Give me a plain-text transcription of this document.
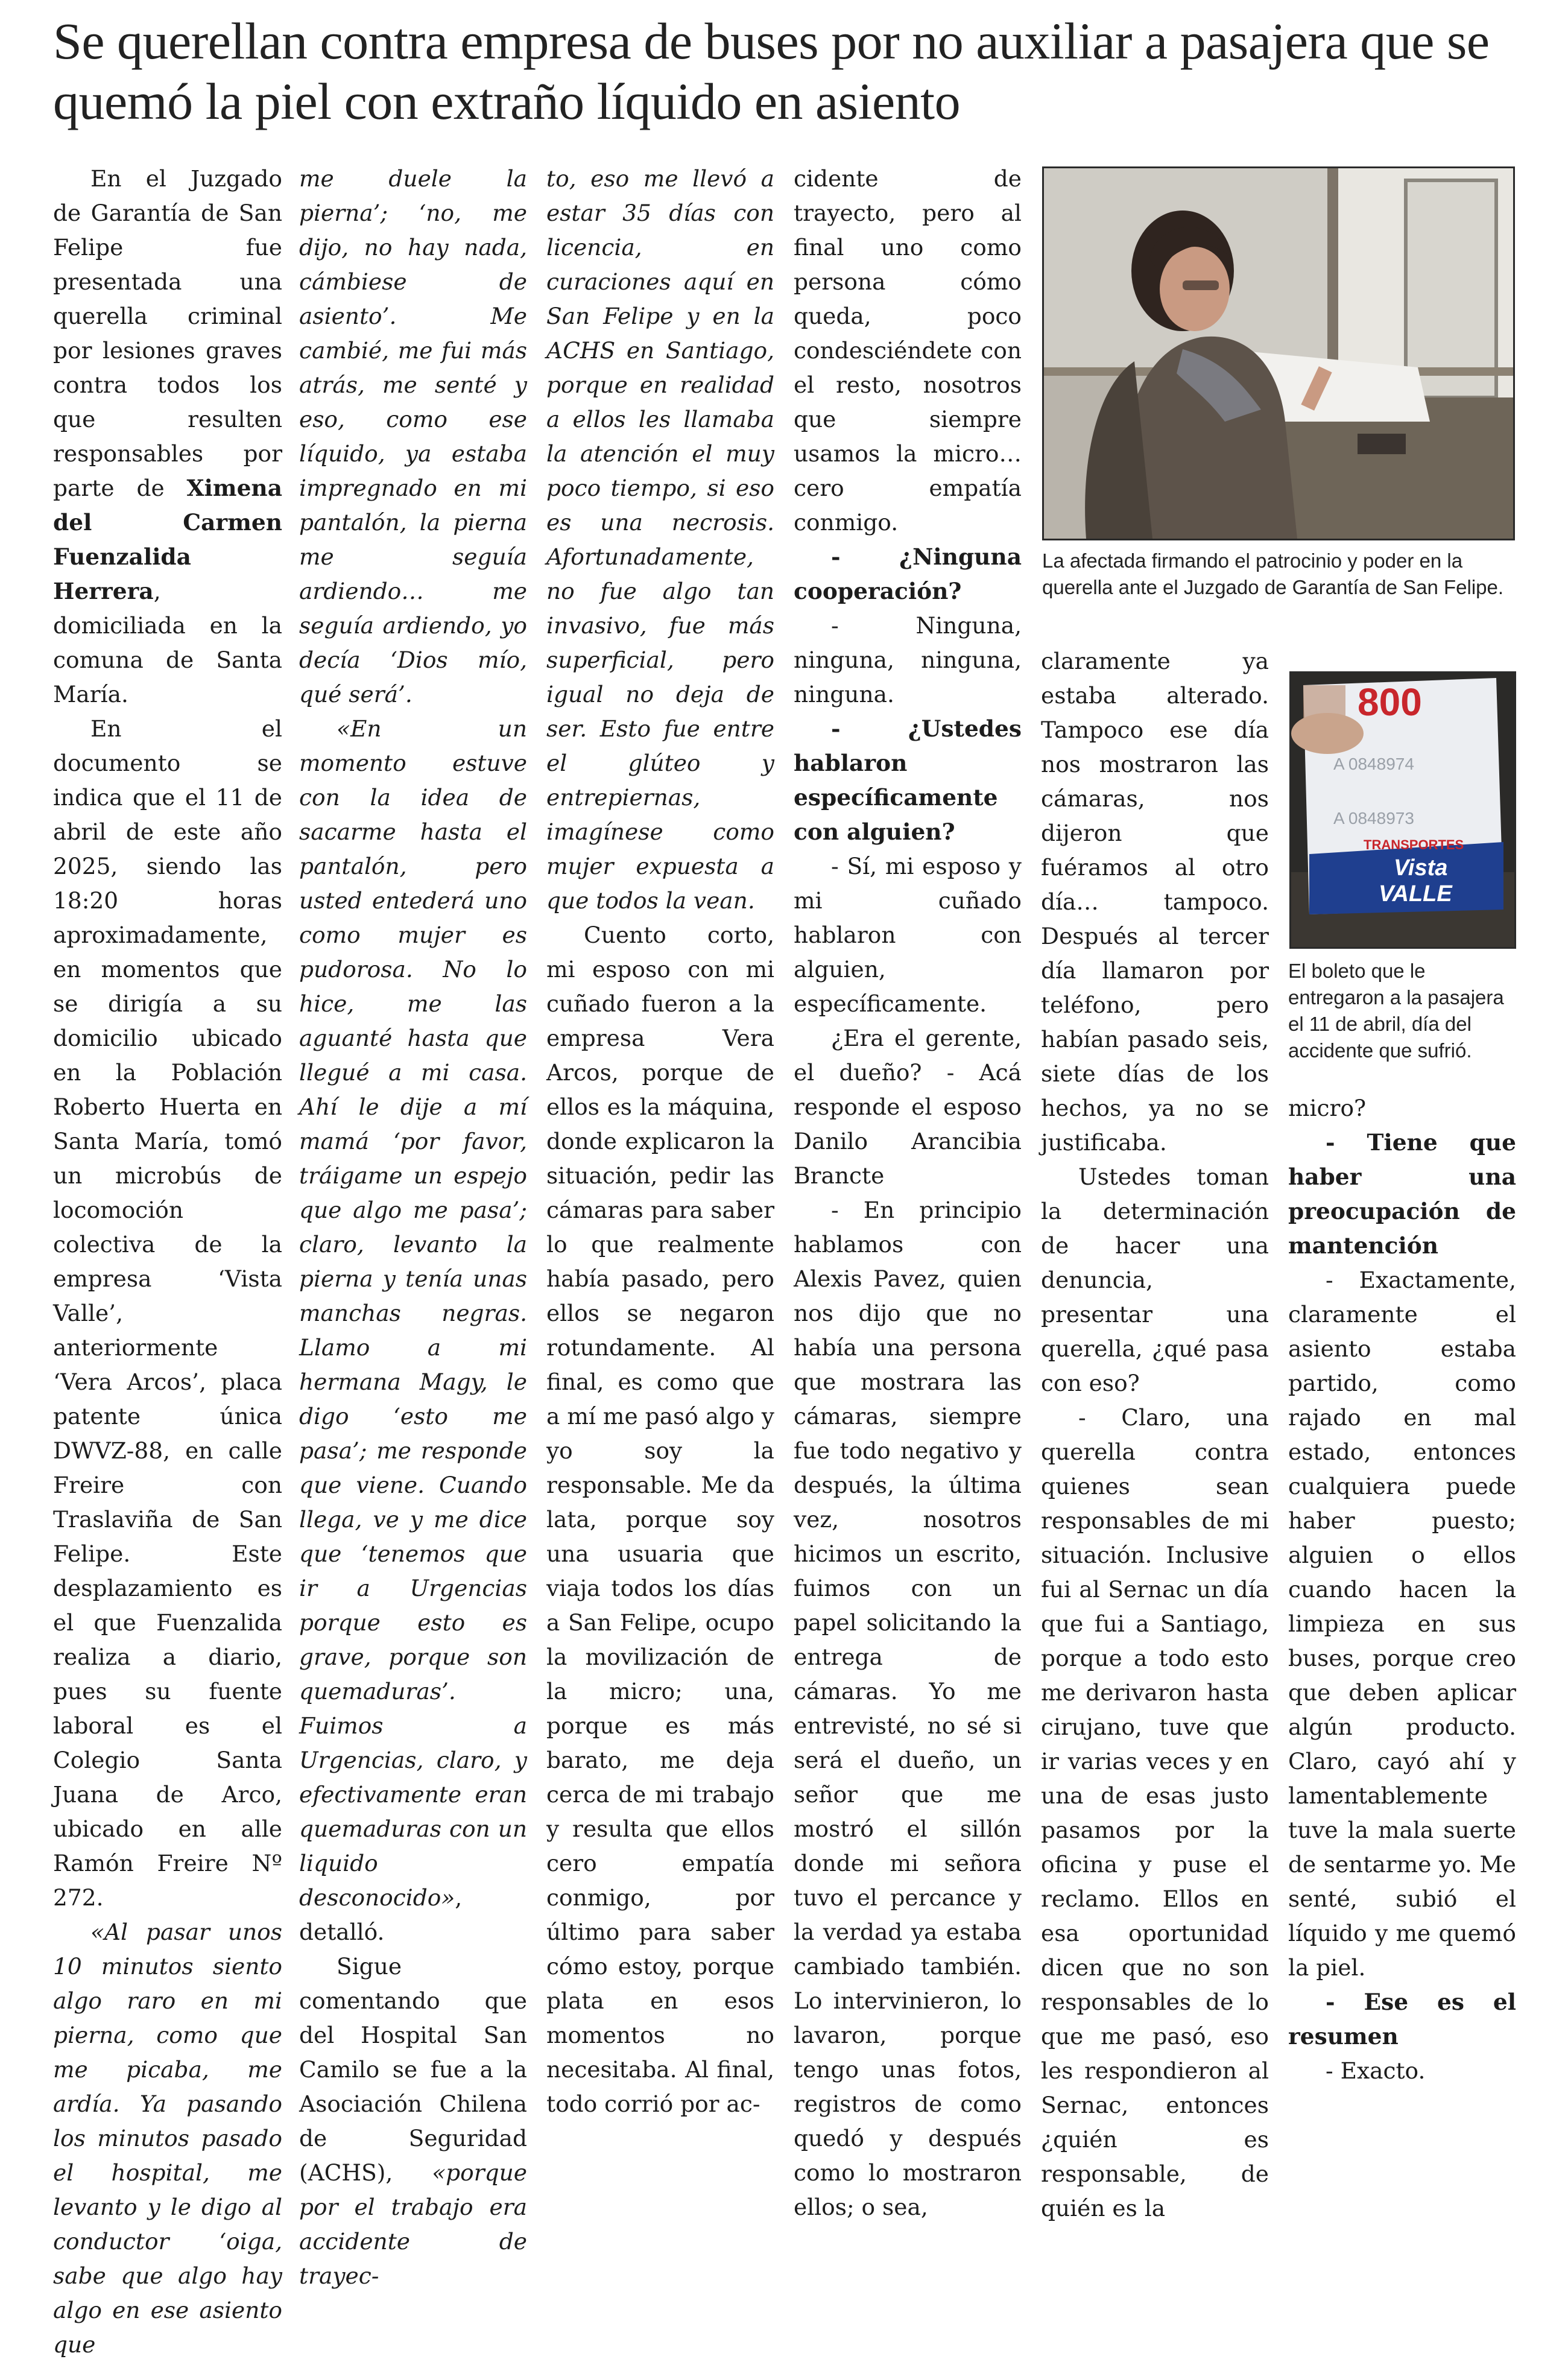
Se querellan contra empresa de buses por no auxiliar a pasajera que se quemó la piel con extraño líquido en asiento

En el Juzgado de Garantía de San Felipe fue presentada una querella criminal por lesiones graves contra todos los que resulten responsables por parte de Ximena del Carmen Fuenzalida Herrera, domiciliada en la comuna de Santa María.

En el documento se indica que el 11 de abril de este año 2025, siendo las 18:20 horas aproximadamente, en momentos que se dirigía a su domicilio ubicado en la Población Roberto Huerta en Santa María, tomó un microbús de locomoción colectiva de la empresa ‘Vista Valle’, anteriormente ‘Vera Arcos’, placa patente única DWVZ-88, en calle Freire con Traslaviña de San Felipe. Este desplazamiento es el que Fuenzalida realiza a diario, pues su fuente laboral es el Colegio Santa Juana de Arco, ubicado en alle Ramón Freire Nº 272.

«Al pasar unos 10 minutos siento algo raro en mi pierna, como que me picaba, me ardía. Ya pasando los minutos pasado el hospital, me levanto y le digo al conductor ‘oiga, sabe que algo hay algo en ese asiento que

me duele la pierna’; ‘no, me dijo, no hay nada, cámbiese de asiento’. Me cambié, me fui más atrás, me senté y eso, como ese líquido, ya estaba impregnado en mi pantalón, la pierna me seguía ardiendo… me seguía ardiendo, yo decía ‘Dios mío, qué será’.

«En un momento estuve con la idea de sacarme hasta el pantalón, pero usted entederá uno como mujer es pudorosa. No lo hice, me las aguanté hasta que llegué a mi casa. Ahí le dije a mí mamá ‘por favor, tráigame un espejo que algo me pasa’; claro, levanto la pierna y tenía unas manchas negras. Llamo a mi hermana Magy, le digo ‘esto me pasa’; me responde que viene. Cuando llega, ve y me dice que ‘tenemos que ir a Urgencias porque esto es grave, porque son quemaduras’. Fuimos a Urgencias, claro, y efectivamente eran quemaduras con un liquido desconocido», detalló.

Sigue comentando que del Hospital San Camilo se fue a la Asociación Chilena de Seguridad (ACHS), «porque por el trabajo era accidente de trayec-

to, eso me llevó a estar 35 días con licencia, en curaciones aquí en San Felipe y en la ACHS en Santiago, porque en realidad a ellos les llamaba la atención el muy poco tiempo, si eso es una necrosis. Afortunadamente, no fue algo tan invasivo, fue más superficial, pero igual no deja de ser. Esto fue entre el glúteo y entrepiernas, imagínese como mujer expuesta a que todos la vean.

Cuento corto, mi esposo con mi cuñado fueron a la empresa Vera Arcos, porque de ellos es la máquina, donde explicaron la situación, pedir las cámaras para saber lo que realmente había pasado, pero ellos se negaron rotundamente. Al final, es como que a mí me pasó algo y yo soy la responsable. Me da lata, porque soy una usuaria que viaja todos los días a San Felipe, ocupo la movilización de la micro; una, porque es más barato, me deja cerca de mi trabajo y resulta que ellos cero empatía conmigo, por último para saber cómo estoy, porque plata en esos momentos no necesitaba. Al final, todo corrió por ac-

cidente de trayecto, pero al final uno como persona cómo queda, poco condesciéndete con el resto, nosotros que siempre usamos la micro… cero empatía conmigo.

- ¿Ninguna cooperación?

- Ninguna, ninguna, ninguna, ninguna.

- ¿Ustedes hablaron específicamente con alguien?

- Sí, mi esposo y mi cuñado hablaron con alguien, específicamente.

¿Era el gerente, el dueño? - Acá responde el esposo Danilo Arancibia Brancte

- En principio hablamos con Alexis Pavez, quien nos dijo que no había una persona que mostrara las cámaras, siempre fue todo negativo y después, la última vez, nosotros hicimos un escrito, fuimos con un papel solicitando la entrega de cámaras. Yo me entrevisté, no sé si será el dueño, un señor que me mostró el sillón donde mi señora tuvo el percance y la verdad ya estaba cambiado también. Lo intervinieron, lo lavaron, porque tengo unas fotos, registros de como quedó y después como lo mostraron ellos; o sea,

La afectada firmando el patrocinio y poder en la querella ante el Juzgado de Garantía de San Felipe.
800
A 0848974
A 0848973
TRANSPORTES
Vista
VALLE
El boleto que le entregaron a la pasajera el 11 de abril, día del accidente que sufrió.

claramente ya estaba alterado. Tampoco ese día nos mostraron las cámaras, nos dijeron que fuéramos al otro día… tampoco. Después al tercer día llamaron por teléfono, pero habían pasado seis, siete días de los hechos, ya no se justificaba.

Ustedes toman la determinación de hacer una denuncia, presentar una querella, ¿qué pasa con eso?

- Claro, una querella contra quienes sean responsables de mi situación. Inclusive fui al Sernac un día que fui a Santiago, porque a todo esto me derivaron hasta cirujano, tuve que ir varias veces y en una de esas justo pasamos por la oficina y puse el reclamo. Ellos en esa oportunidad dicen que no son responsables de lo que me pasó, eso les respondieron al Sernac, entonces ¿quién es responsable, de quién es la

micro?

- Tiene que haber una preocupación de mantención

- Exactamente, claramente el asiento estaba partido, como rajado en mal estado, entonces cualquiera puede haber puesto; alguien o ellos cuando hacen la limpieza en sus buses, porque creo que deben aplicar algún producto. Claro, cayó ahí y lamentablemente tuve la mala suerte de sentarme yo. Me senté, subió el líquido y me quemó la piel.

- Ese es el resumen

- Exacto.
